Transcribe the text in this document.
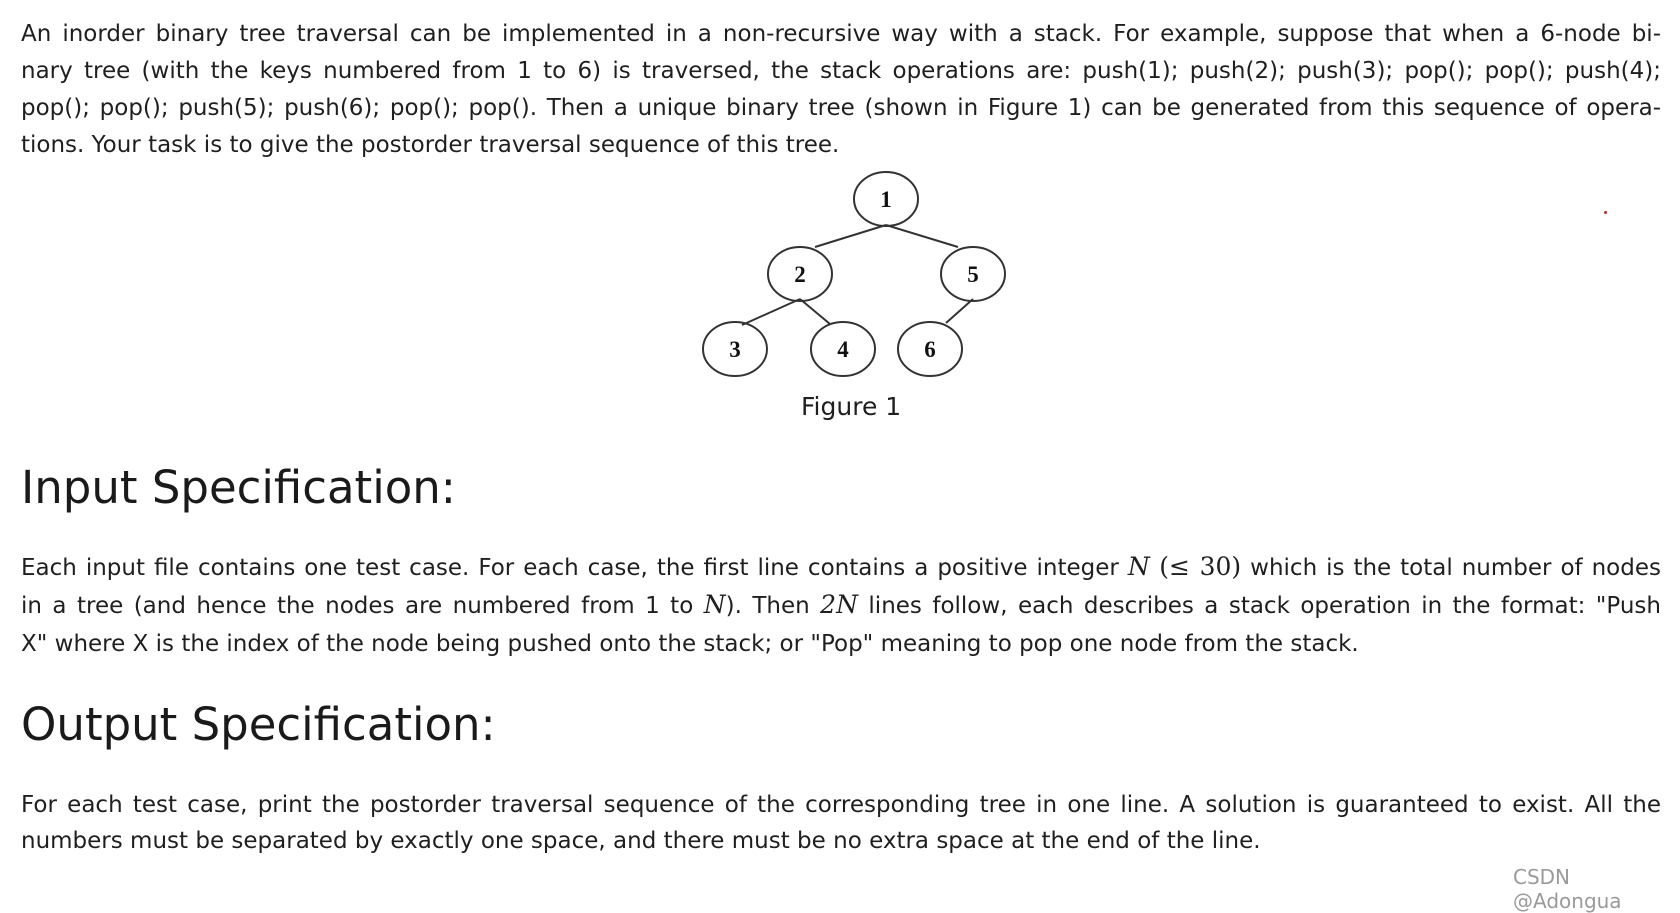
An inorder binary tree traversal can be implemented in a non-recursive way with a stack. For example, suppose that when a 6-node bi-
nary tree (with the keys numbered from 1 to 6) is traversed, the stack operations are: push(1); push(2); push(3); pop(); pop(); push(4);
pop(); pop(); push(5); push(6); pop(); pop(). Then a unique binary tree (shown in Figure 1) can be generated from this sequence of opera-
tions. Your task is to give the postorder traversal sequence of this tree.
1
2	5
3	4	6
Figure 1
Input Specification:
Each input file contains one test case. For each case, the first line contains a positive integer N (≤ 30) which is the total number of nodes
in a tree (and hence the nodes are numbered from 1 to N). Then 2N lines follow, each describes a stack operation in the format: "Push
X" where X is the index of the node being pushed onto the stack; or "Pop" meaning to pop one node from the stack.
Output Specification:
For each test case, print the postorder traversal sequence of the corresponding tree in one line. A solution is guaranteed to exist. All the
numbers must be separated by exactly one space, and there must be no extra space at the end of the line.
CSDN @Adongua
